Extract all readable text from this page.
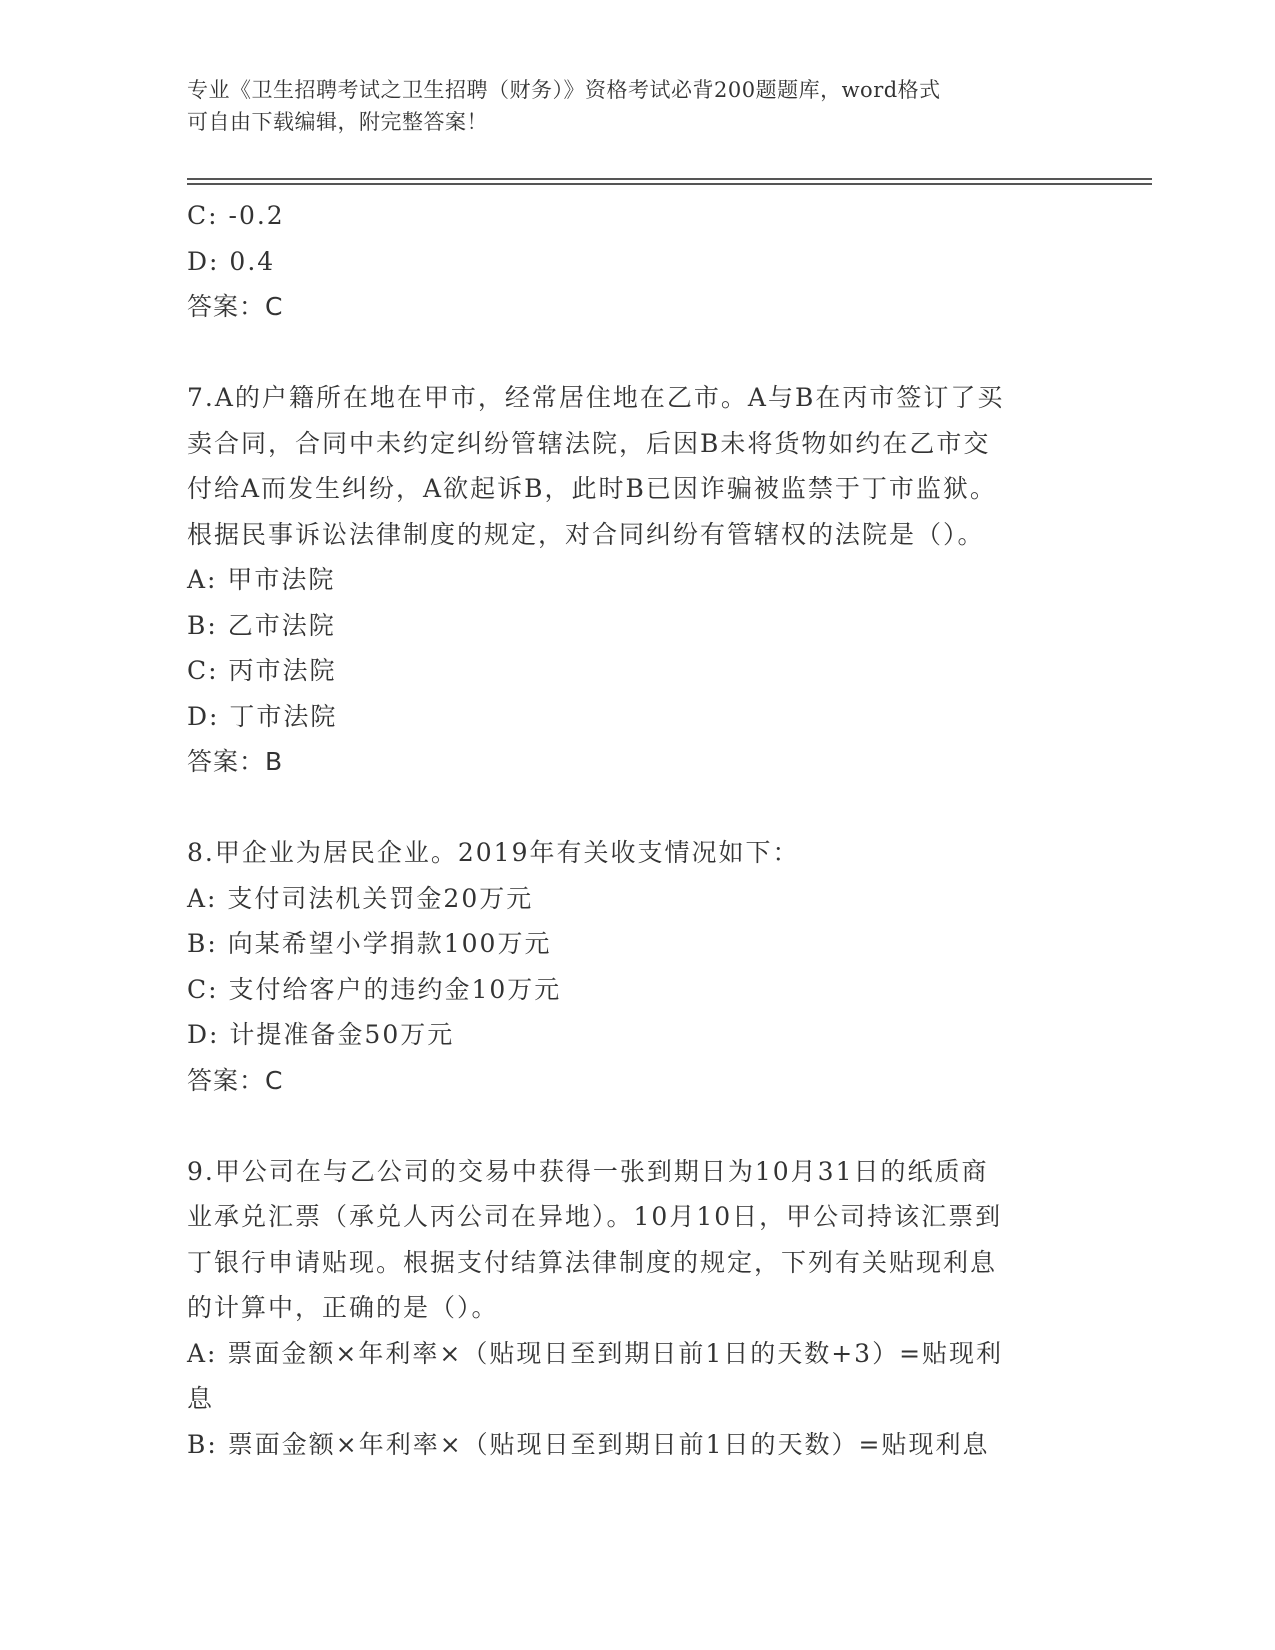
专业《卫生招聘考试之卫生招聘（财务）》资格考试必背200题题库，word格式
可自由下载编辑，附完整答案！
C: -0.2
D: 0.4
答案：C
7.A的户籍所在地在甲市，经常居住地在乙市。A与B在丙市签订了买
卖合同，合同中未约定纠纷管辖法院，后因B未将货物如约在乙市交
付给A而发生纠纷，A欲起诉B，此时B已因诈骗被监禁于丁市监狱。
根据民事诉讼法律制度的规定，对合同纠纷有管辖权的法院是（）。
A: 甲市法院
B: 乙市法院
C: 丙市法院
D: 丁市法院
答案：B
8.甲企业为居民企业。2019年有关收支情况如下：
A: 支付司法机关罚金20万元
B: 向某希望小学捐款100万元
C: 支付给客户的违约金10万元
D: 计提准备金50万元
答案：C
9.甲公司在与乙公司的交易中获得一张到期日为10月31日的纸质商
业承兑汇票（承兑人丙公司在异地）。10月10日，甲公司持该汇票到
丁银行申请贴现。根据支付结算法律制度的规定，下列有关贴现利息
的计算中，正确的是（）。
A: 票面金额×年利率×（贴现日至到期日前1日的天数+3）=贴现利
息
B: 票面金额×年利率×（贴现日至到期日前1日的天数）=贴现利息
